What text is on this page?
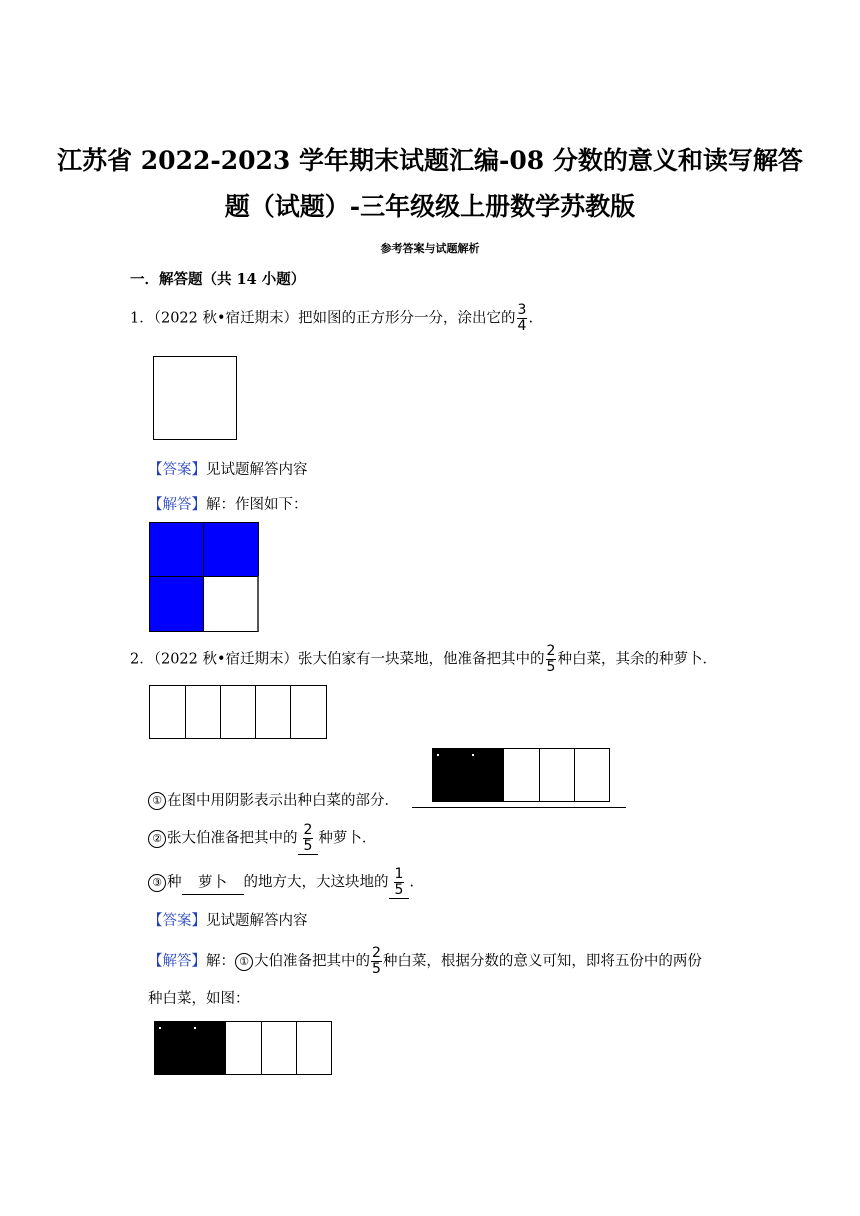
江苏省 2022-2023 学年期末试题汇编-08 分数的意义和读写解答
题（试题）-三年级级上册数学苏教版
参考答案与试题解析
一．解答题（共 14 小题）
1．（2022 秋•宿迁期末）把如图的正方形分一分，涂出它的 $\frac{3}{4}$ .
【答案】见试题解答内容
【解答】解：作图如下：
2．（2022 秋•宿迁期末）张大伯家有一块菜地，他准备把其中的 $\frac{2}{5}$ 种白菜，其余的种萝卜．
① 在图中用阴影表示出种白菜的部分．
② 张大伯准备把其中的 $\frac{2}{5}$ 种萝卜．
③ 种 萝卜 的地方大，大这块地的 $\frac{1}{5}$ .
【答案】见试题解答内容
【解答】解： ① 大伯准备把其中的 $\frac{2}{5}$ 种白菜，根据分数的意义可知，即将五份中的两份
种白菜，如图：
